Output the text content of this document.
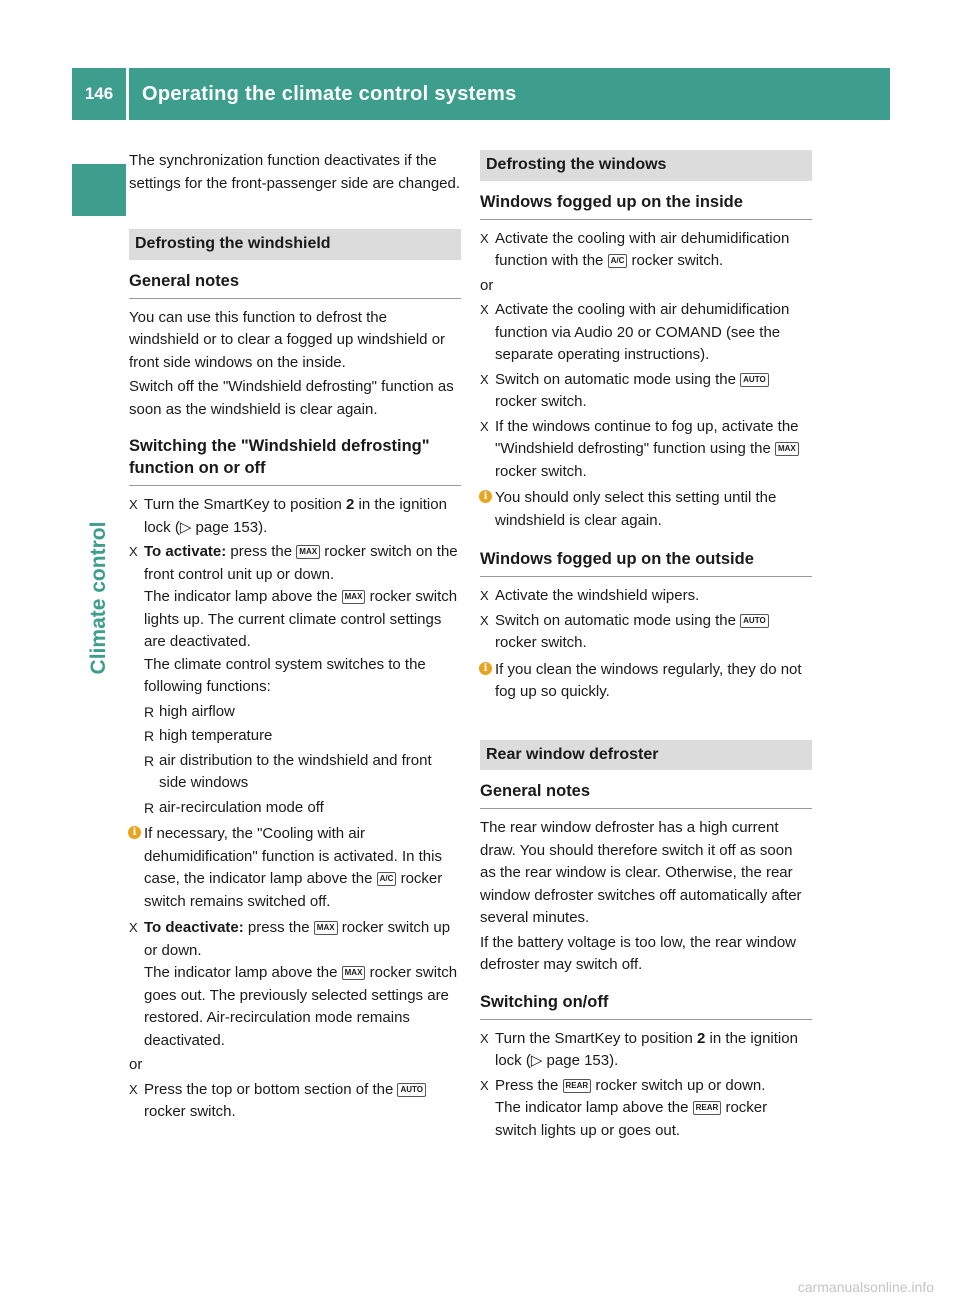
146	Operating the climate control systems
Climate control

The synchronization function deactivates if the settings for the front-passenger side are changed.

Defrosting the windshield
General notes

You can use this function to defrost the windshield or to clear a fogged up windshield or front side windows on the inside.

Switch off the "Windshield defrosting" function as soon as the windshield is clear again.

Switching the "Windshield defrosting" function on or off
X Turn the SmartKey to position 2 in the ignition lock (▷ page 153).
X To activate: press the MAX rocker switch on the front control unit up or down.
The indicator lamp above the MAX rocker switch lights up. The current climate control settings are deactivated.
The climate control system switches to the following functions:
R high airflow
R high temperature
R air distribution to the windshield and front side windows
R air-recirculation mode off
i If necessary, the "Cooling with air dehumidification" function is activated. In this case, the indicator lamp above the A/C rocker switch remains switched off.
X To deactivate: press the MAX rocker switch up or down.
The indicator lamp above the MAX rocker switch goes out. The previously selected settings are restored. Air-recirculation mode remains deactivated.

or

X Press the top or bottom section of the AUTO rocker switch.
Defrosting the windows
Windows fogged up on the inside
X Activate the cooling with air dehumidification function with the A/C rocker switch.

or

X Activate the cooling with air dehumidification function via Audio 20 or COMAND (see the separate operating instructions).
X Switch on automatic mode using the AUTO rocker switch.
X If the windows continue to fog up, activate the "Windshield defrosting" function using the MAX rocker switch.
i You should only select this setting until the windshield is clear again.
Windows fogged up on the outside
X Activate the windshield wipers.
X Switch on automatic mode using the AUTO rocker switch.
i If you clean the windows regularly, they do not fog up so quickly.
Rear window defroster
General notes

The rear window defroster has a high current draw. You should therefore switch it off as soon as the rear window is clear. Otherwise, the rear window defroster switches off automatically after several minutes.

If the battery voltage is too low, the rear window defroster may switch off.

Switching on/off
X Turn the SmartKey to position 2 in the ignition lock (▷ page 153).
X Press the REAR rocker switch up or down.
The indicator lamp above the REAR rocker switch lights up or goes out.
carmanualsonline.info
